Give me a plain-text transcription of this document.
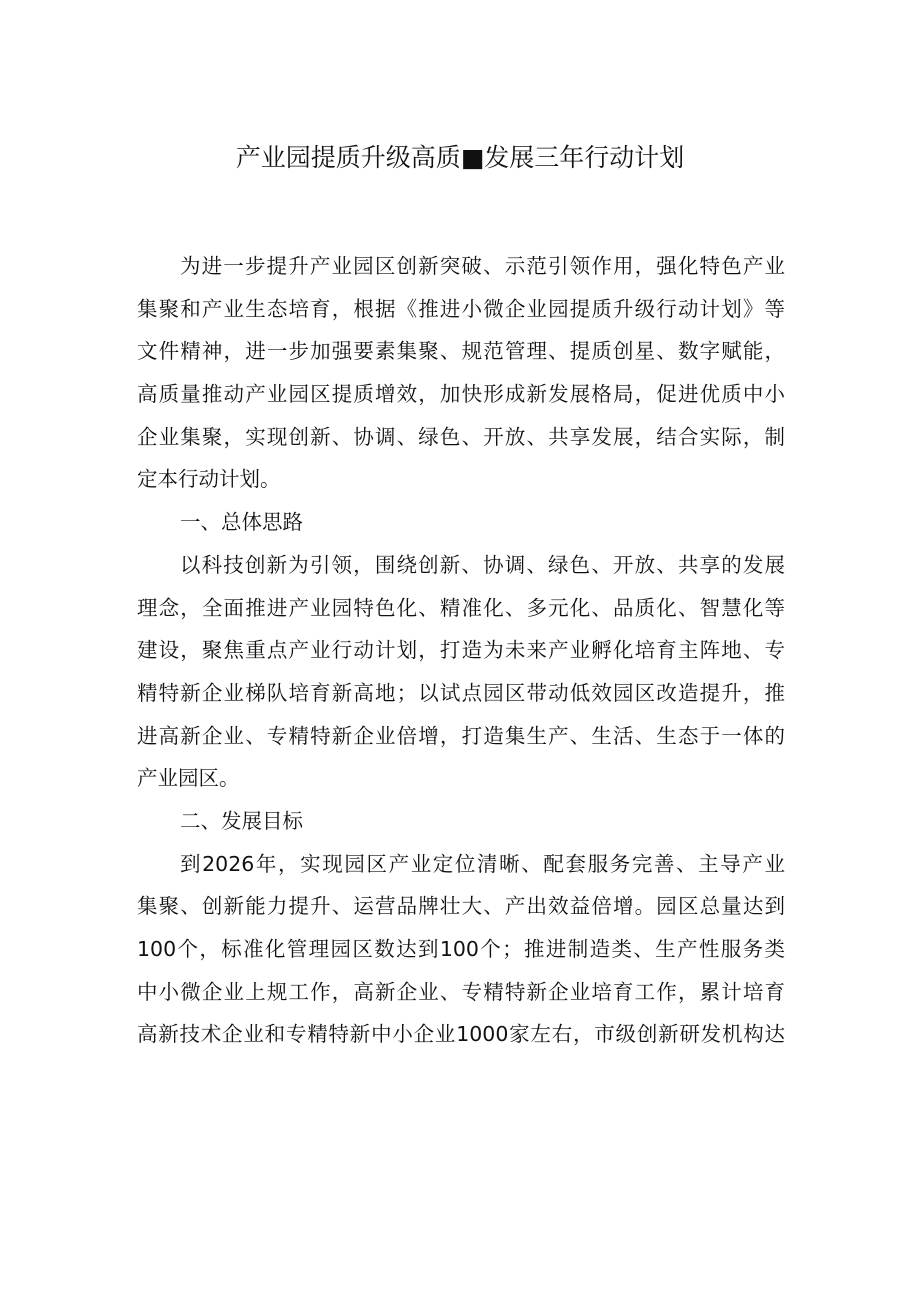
产业园提质升级高质■发展三年行动计划
为进一步提升产业园区创新突破、示范引领作用，强化特色产业
集聚和产业生态培育，根据《推进小微企业园提质升级行动计划》等
文件精神，进一步加强要素集聚、规范管理、提质创星、数字赋能，
高质量推动产业园区提质增效，加快形成新发展格局，促进优质中小
企业集聚，实现创新、协调、绿色、开放、共享发展，结合实际，制
定本行动计划。
一、总体思路
以科技创新为引领，围绕创新、协调、绿色、开放、共享的发展
理念，全面推进产业园特色化、精准化、多元化、品质化、智慧化等
建设，聚焦重点产业行动计划，打造为未来产业孵化培育主阵地、专
精特新企业梯队培育新高地；以试点园区带动低效园区改造提升，推
进高新企业、专精特新企业倍增，打造集生产、生活、生态于一体的
产业园区。
二、发展目标
到2026年，实现园区产业定位清晰、配套服务完善、主导产业
集聚、创新能力提升、运营品牌壮大、产出效益倍增。园区总量达到
100个，标准化管理园区数达到100个；推进制造类、生产性服务类
中小微企业上规工作，高新企业、专精特新企业培育工作，累计培育
高新技术企业和专精特新中小企业1000家左右，市级创新研发机构达
